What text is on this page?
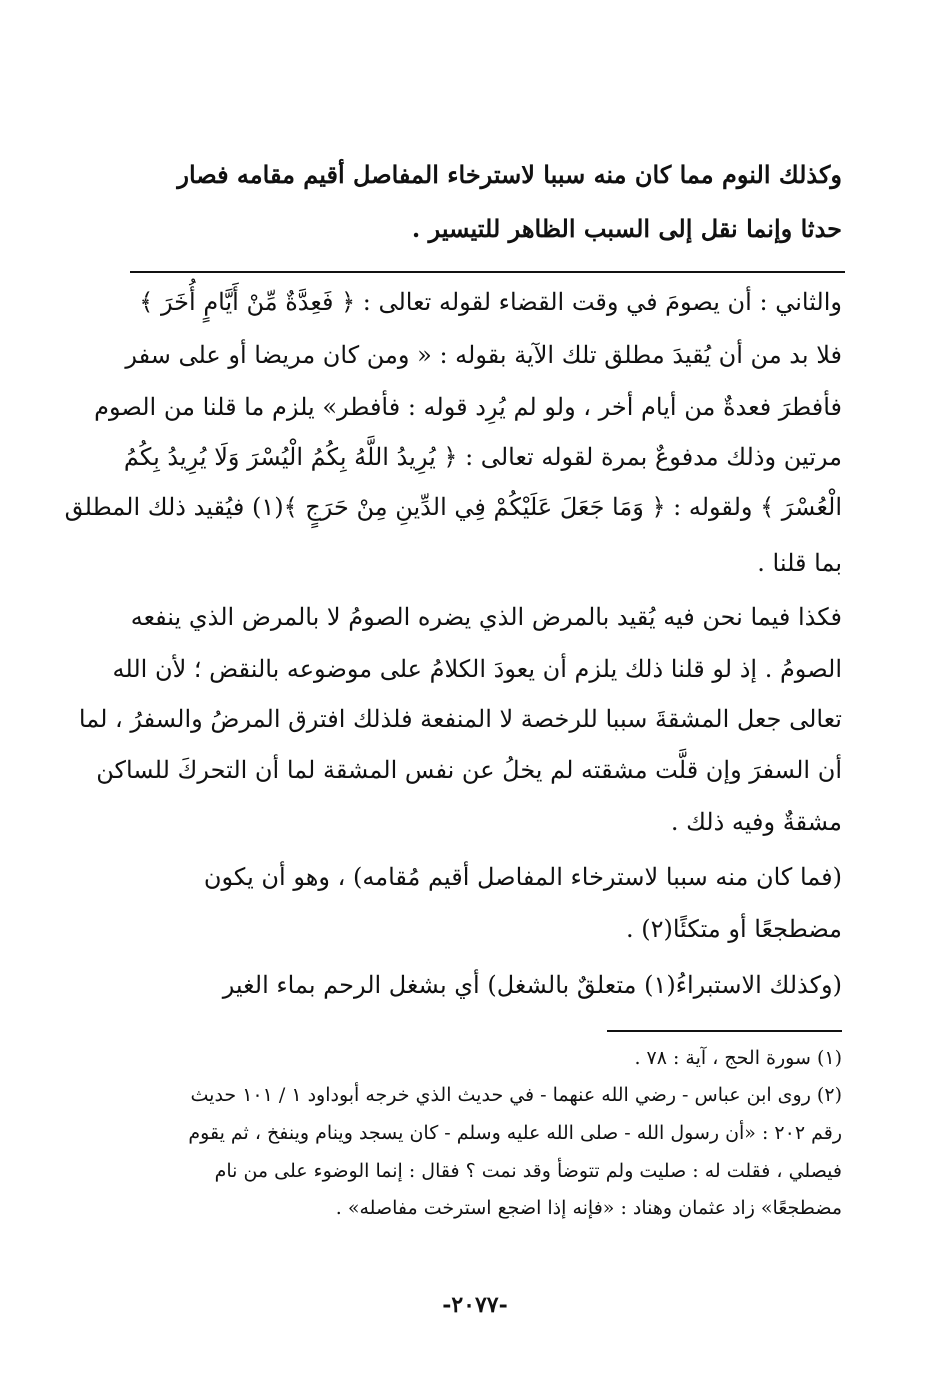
وكذلك النوم مما كان منه سببا لاسترخاء المفاصل أقيم مقامه فصار
حدثا وإنما نقل إلى السبب الظاهر للتيسير .
والثاني : أن يصومَ في وقت القضاء لقوله تعالى : ﴿ فَعِدَّةٌ مِّنْ أَيَّامٍ أُخَرَ ﴾
فلا بد من أن يُقيدَ مطلق تلك الآية بقوله : « ومن كان مريضا أو على سفر
فأفطرَ فعدةٌ من أيام أخر ، ولو لم يُرِد قوله : فأفطر» يلزم ما قلنا من الصوم
مرتين وذلك مدفوعٌ بمرة لقوله تعالى : ﴿ يُرِيدُ اللَّهُ بِكُمُ الْيُسْرَ وَلَا يُرِيدُ بِكُمُ
الْعُسْرَ ﴾ ولقوله : ﴿ وَمَا جَعَلَ عَلَيْكُمْ فِي الدِّينِ مِنْ حَرَجٍ ﴾(١) فيُقيد ذلك المطلق
بما قلنا .
فكذا فيما نحن فيه يُقيد بالمرض الذي يضره الصومُ لا بالمرض الذي ينفعه
الصومُ . إذ لو قلنا ذلك يلزم أن يعودَ الكلامُ على موضوعه بالنقض ؛ لأن الله
تعالى جعل المشقةَ سببا للرخصة لا المنفعة فلذلك افترق المرضُ والسفرُ ، لما
أن السفرَ وإن قلَّت مشقته لم يخلُ عن نفس المشقة لما أن التحركَ للساكن
مشقةٌ وفيه ذلك .
(فما كان منه سببا لاسترخاء المفاصل أقيم مُقامه) ، وهو أن يكون
مضطجعًا أو متكئًا(٢) .
(وكذلك الاستبراءُ(١) متعلقٌ بالشغل) أي بشغل الرحم بماء الغير
(١) سورة الحج ، آية : ٧٨ .
(٢) روى ابن عباس - رضي الله عنهما - في حديث الذي خرجه أبوداود ١ / ١٠١ حديث
رقم ٢٠٢ : «أن رسول الله - صلى الله عليه وسلم - كان يسجد وينام وينفخ ، ثم يقوم
فيصلي ، فقلت له : صليت ولم تتوضأ وقد نمت ؟ فقال : إنما الوضوء على من نام
مضطجعًا» زاد عثمان وهناد : «فإنه إذا اضجع استرخت مفاصله» .
-٢٠٧٧-
